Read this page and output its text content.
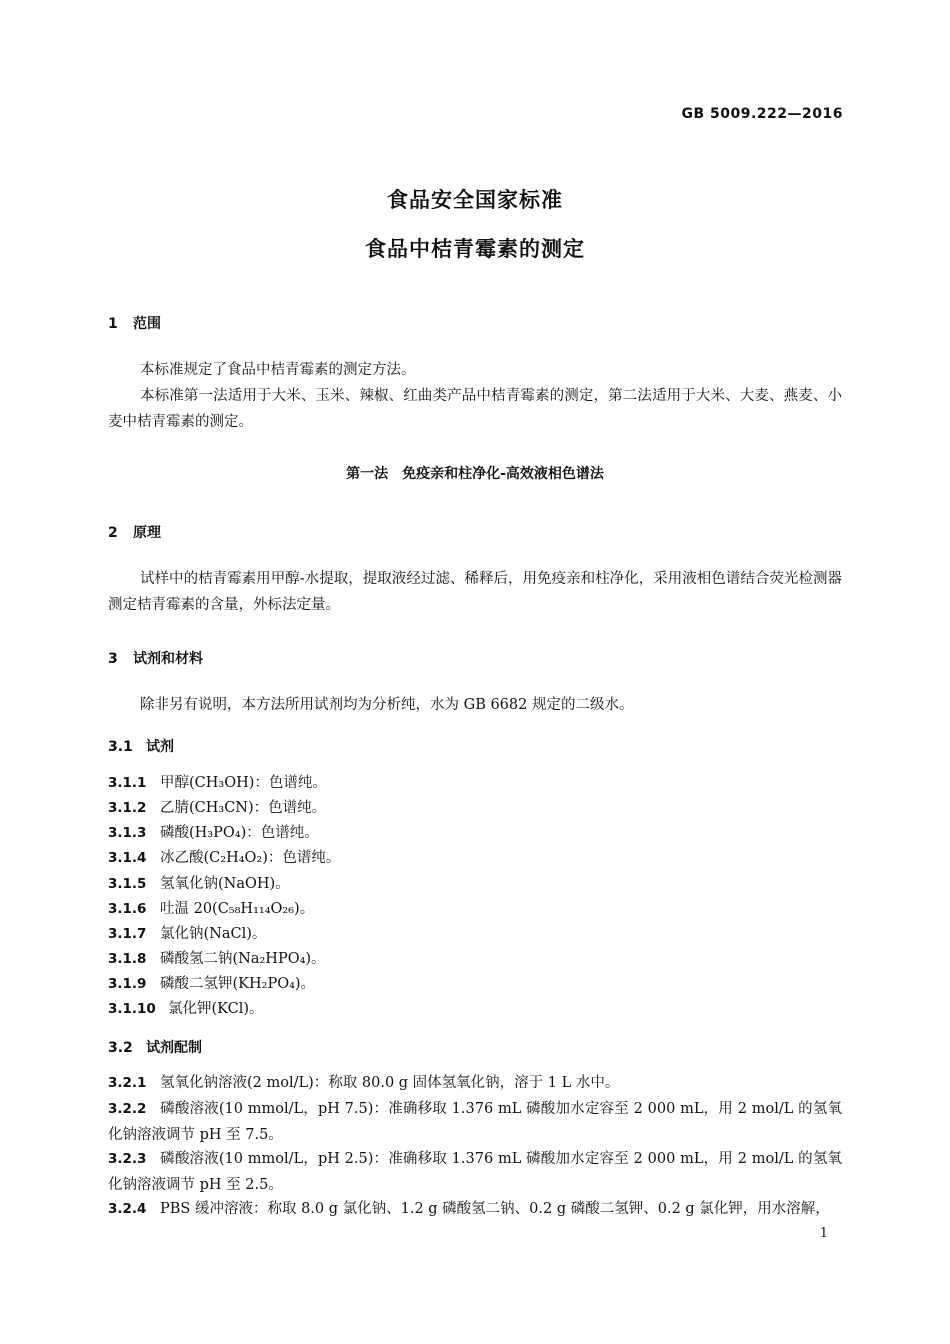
GB 5009.222—2016
食品安全国家标准
食品中桔青霉素的测定
1 范围
本标准规定了食品中桔青霉素的测定方法。
本标准第一法适用于大米、玉米、辣椒、红曲类产品中桔青霉素的测定，第二法适用于大米、大麦、燕麦、小麦中桔青霉素的测定。
第一法　免疫亲和柱净化-高效液相色谱法
2 原理
试样中的桔青霉素用甲醇-水提取，提取液经过滤、稀释后，用免疫亲和柱净化，采用液相色谱结合荧光检测器测定桔青霉素的含量，外标法定量。
3 试剂和材料
除非另有说明，本方法所用试剂均为分析纯，水为 GB 6682 规定的二级水。
3.1 试剂
3.1.1 甲醇(CH₃OH)：色谱纯。
3.1.2 乙腈(CH₃CN)：色谱纯。
3.1.3 磷酸(H₃PO₄)：色谱纯。
3.1.4 冰乙酸(C₂H₄O₂)：色谱纯。
3.1.5 氢氧化钠(NaOH)。
3.1.6 吐温 20(C₅₈H₁₁₄O₂₆)。
3.1.7 氯化钠(NaCl)。
3.1.8 磷酸氢二钠(Na₂HPO₄)。
3.1.9 磷酸二氢钾(KH₂PO₄)。
3.1.10 氯化钾(KCl)。
3.2 试剂配制
3.2.1 氢氧化钠溶液(2 mol/L)：称取 80.0 g 固体氢氧化钠，溶于 1 L 水中。
3.2.2 磷酸溶液(10 mmol/L，pH 7.5)：准确移取 1.376 mL 磷酸加水定容至 2 000 mL，用 2 mol/L 的氢氧化钠溶液调节 pH 至 7.5。
3.2.3 磷酸溶液(10 mmol/L，pH 2.5)：准确移取 1.376 mL 磷酸加水定容至 2 000 mL，用 2 mol/L 的氢氧化钠溶液调节 pH 至 2.5。
3.2.4 PBS 缓冲溶液：称取 8.0 g 氯化钠、1.2 g 磷酸氢二钠、0.2 g 磷酸二氢钾、0.2 g 氯化钾，用水溶解，
1
